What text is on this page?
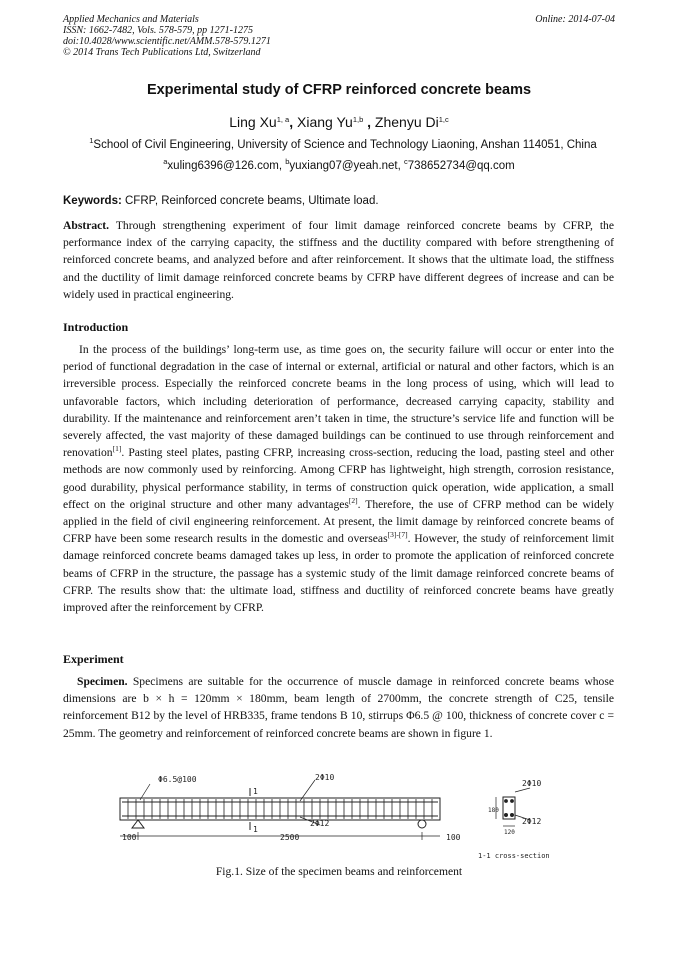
Applied Mechanics and Materials
ISSN: 1662-7482, Vols. 578-579, pp 1271-1275
doi:10.4028/www.scientific.net/AMM.578-579.1271
© 2014 Trans Tech Publications Ltd, Switzerland
Online: 2014-07-04
Experimental study of CFRP reinforced concrete beams
Ling Xu$^{1, a}$, Xiang Yu$^{1,b}$ , Zhenyu Di$^{1,c}$
$^1$School of Civil Engineering, University of Science and Technology Liaoning, Anshan 114051, China
$^a$xuling6396@126.com, $^b$yuxiang07@yeah.net, $^c$738652734@qq.com
Keywords: CFRP, Reinforced concrete beams, Ultimate load.
Abstract. Through strengthening experiment of four limit damage reinforced concrete beams by CFRP, the performance index of the carrying capacity, the stiffness and the ductility compared with before strengthening of reinforced concrete beams, and analyzed before and after reinforcement. It shows that the ultimate load, the stiffness and the ductility of limit damage reinforced concrete beams by CFRP have different degrees of increase and can be widely used in practical engineering.
Introduction
In the process of the buildings’ long-term use, as time goes on, the security failure will occur or enter into the period of functional degradation in the case of internal or external, artificial or natural and other factors, which is an irreversible process. Especially the reinforced concrete beams in the long process of using, which will lead to unfavorable factors, which including deterioration of performance, decreased carrying capacity, stability and durability. If the maintenance and reinforcement aren’t taken in time, the structure’s service life and function will be severely affected, the vast majority of these damaged buildings can be continued to use through reinforcement and renovation[1]. Pasting steel plates, pasting CFRP, increasing cross-section, reducing the load, pasting steel and other methods are now commonly used by reinforcing. Among CFRP has lightweight, high strength, corrosion resistance, good durability, physical performance stability, in terms of construction quick operation, wide application, a small effect on the original structure and other many advantages[2]. Therefore, the use of CFRP method can be widely applied in the field of civil engineering reinforcement. At present, the limit damage by reinforced concrete beams of CFRP have been some research results in the domestic and overseas[3]-[7]. However, the study of reinforcement limit damage reinforced concrete beams damaged takes up less, in order to promote the application of reinforced concrete beams of CFRP in the structure, the passage has a systemic study of the limit damage reinforced concrete beams of CFRP. The results show that: the ultimate load, stiffness and ductility of reinforced concrete beams have greatly improved after the reinforcement by CFRP.
Experiment
Specimen. Specimens are suitable for the occurrence of muscle damage in reinforced concrete beams whose dimensions are b × h = 120mm × 180mm, beam length of 2700mm, the concrete strength of C25, tensile reinforcement B12 by the level of HRB335, frame tendons B 10, stirrups Φ6.5 @ 100, thickness of concrete cover c = 25mm. The geometry and reinforcement of reinforced concrete beams are shown in figure 1.
Φ6.5@100	2Φ10
2Φ12
1
1
2500
100	100
180
120
2Φ10
2Φ12
1-1 cross-section
Fig.1. Size of the specimen beams and reinforcement
